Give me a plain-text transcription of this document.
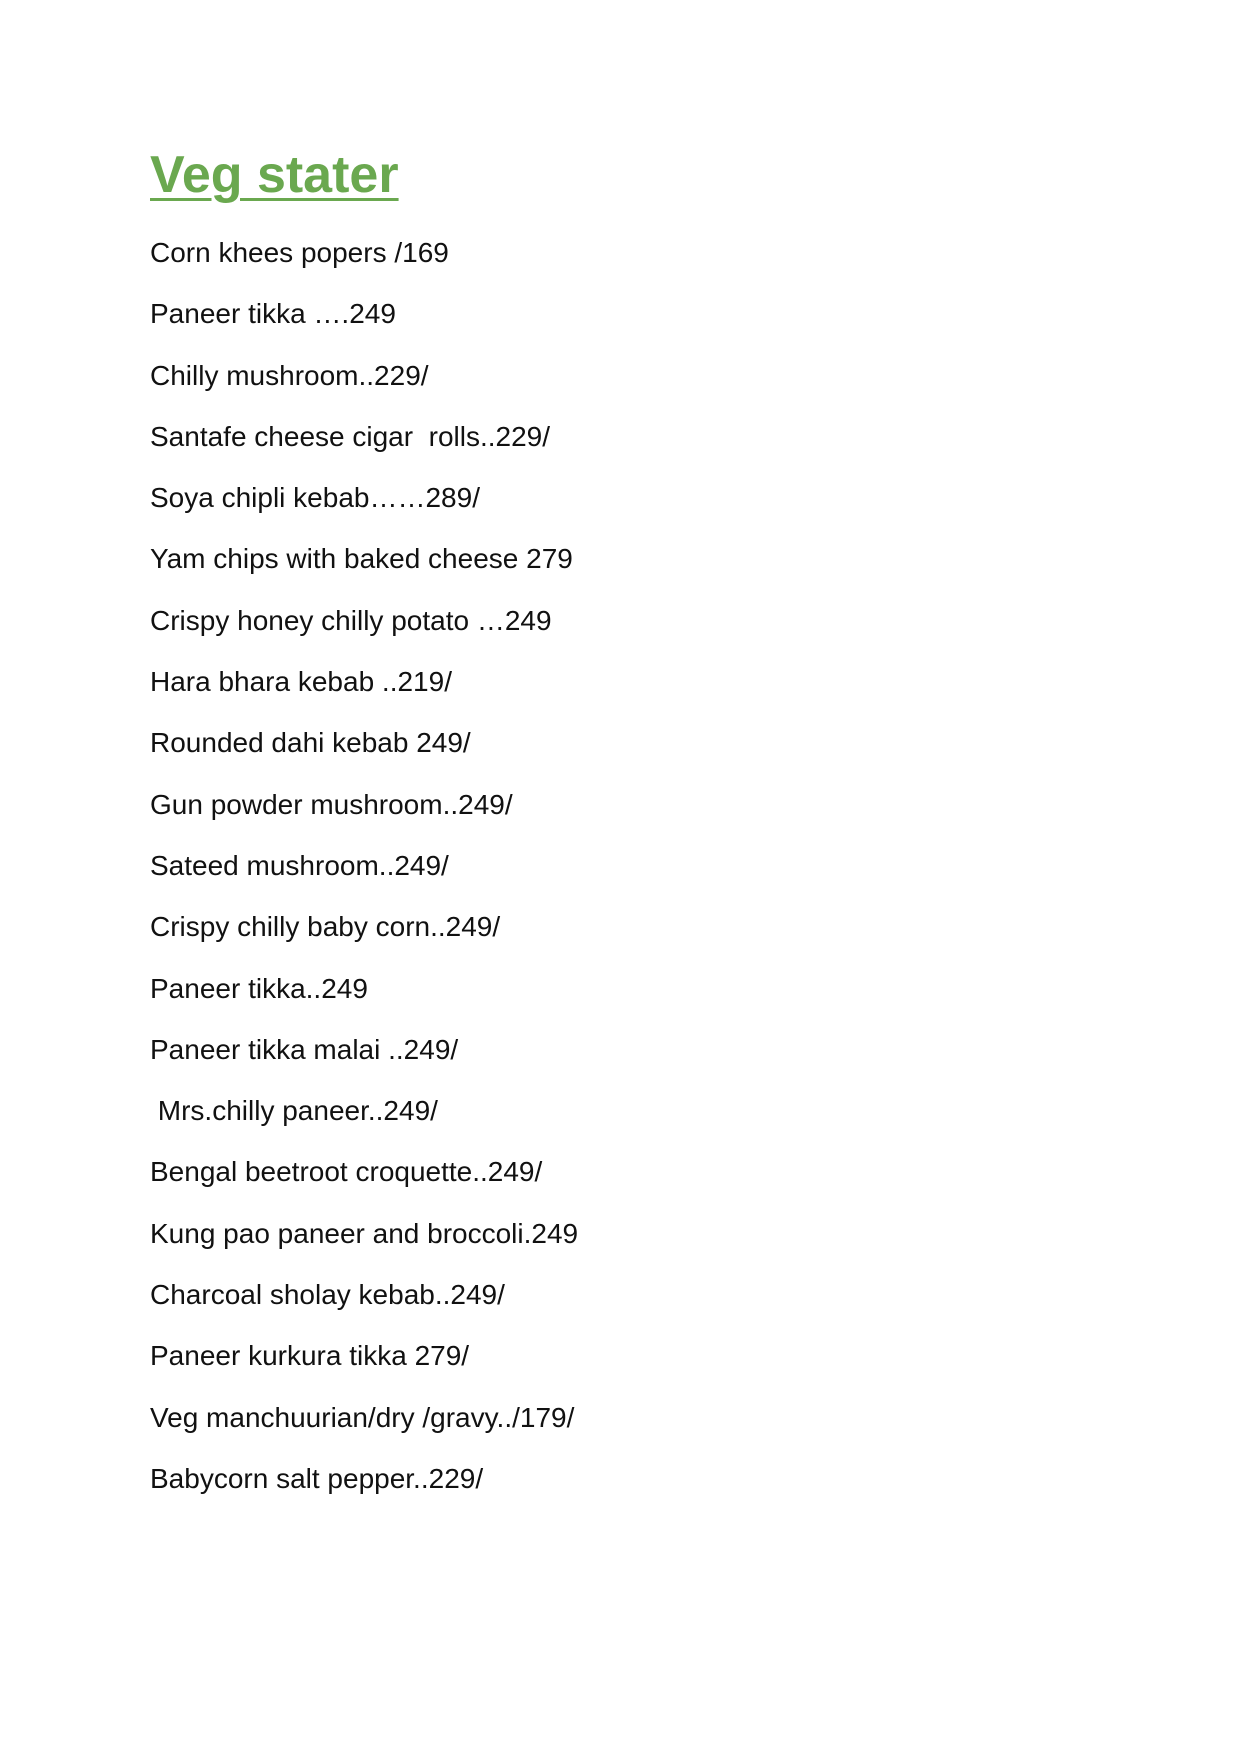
Veg stater
Corn khees popers /169
Paneer tikka ….249
Chilly mushroom..229/
Santafe cheese cigar  rolls..229/
Soya chipli kebab……289/
Yam chips with baked cheese 279
Crispy honey chilly potato …249
Hara bhara kebab ..219/
Rounded dahi kebab 249/
Gun powder mushroom..249/
Sateed mushroom..249/
Crispy chilly baby corn..249/
Paneer tikka..249
Paneer tikka malai ..249/
Mrs.chilly paneer..249/
Bengal beetroot croquette..249/
Kung pao paneer and broccoli.249
Charcoal sholay kebab..249/
Paneer kurkura tikka 279/
Veg manchuurian/dry /gravy../179/
Babycorn salt pepper..229/
